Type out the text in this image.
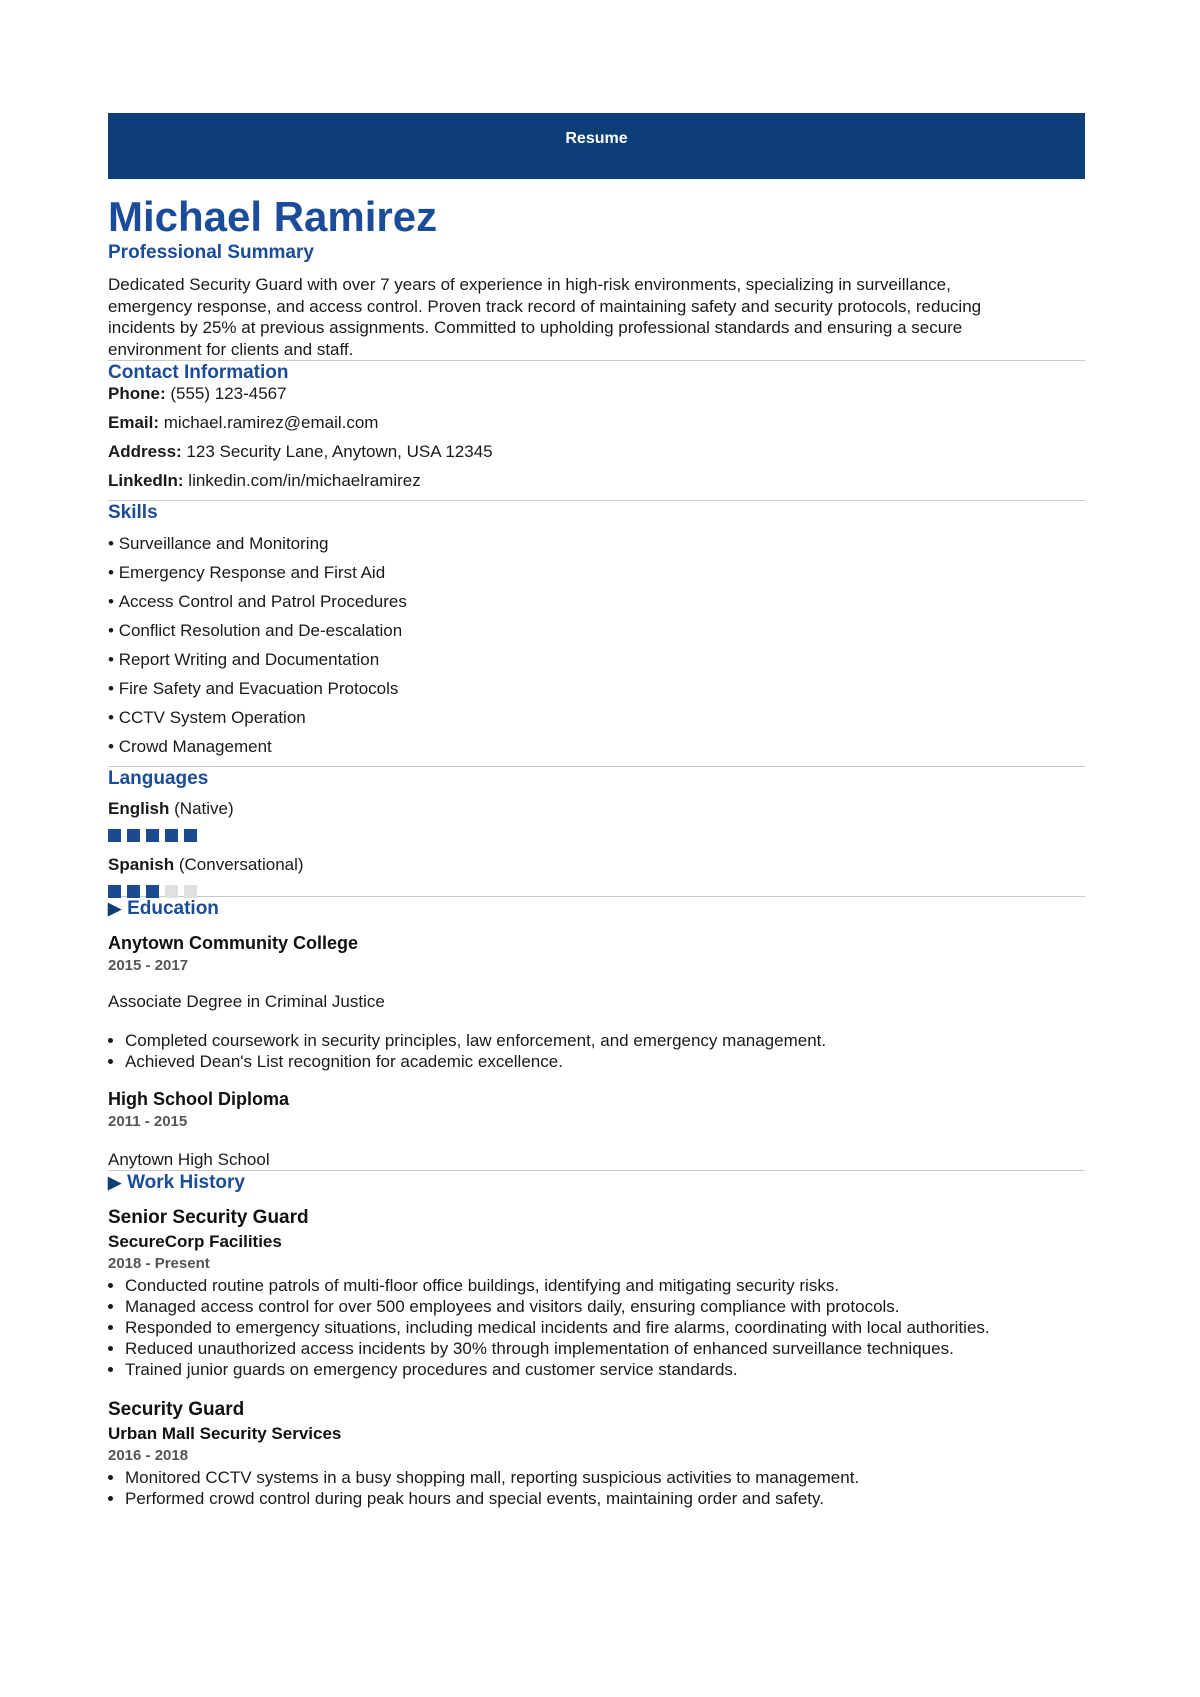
Resume
Michael Ramirez
Professional Summary

Dedicated Security Guard with over 7 years of experience in high-risk environments, specializing in surveillance, emergency response, and access control. Proven track record of maintaining safety and security protocols, reducing incidents by 25% at previous assignments. Committed to upholding professional standards and ensuring a secure environment for clients and staff.

Contact Information

Phone: (555) 123-4567

Email: michael.ramirez@email.com

Address: 123 Security Lane, Anytown, USA 12345

LinkedIn: linkedin.com/in/michaelramirez

Skills
• Surveillance and Monitoring
• Emergency Response and First Aid
• Access Control and Patrol Procedures
• Conflict Resolution and De-escalation
• Report Writing and Documentation
• Fire Safety and Evacuation Protocols
• CCTV System Operation
• Crowd Management
Languages

English (Native)

Spanish (Conversational)

▶ Education
Anytown Community College

2015 - 2017

Associate Degree in Criminal Justice

• Completed coursework in security principles, law enforcement, and emergency management.
• Achieved Dean's List recognition for academic excellence.
High School Diploma

2011 - 2015

Anytown High School

▶ Work History
Senior Security Guard
SecureCorp Facilities

2018 - Present

• Conducted routine patrols of multi-floor office buildings, identifying and mitigating security risks.
• Managed access control for over 500 employees and visitors daily, ensuring compliance with protocols.
• Responded to emergency situations, including medical incidents and fire alarms, coordinating with local authorities.
• Reduced unauthorized access incidents by 30% through implementation of enhanced surveillance techniques.
• Trained junior guards on emergency procedures and customer service standards.
Security Guard
Urban Mall Security Services

2016 - 2018

• Monitored CCTV systems in a busy shopping mall, reporting suspicious activities to management.
• Performed crowd control during peak hours and special events, maintaining order and safety.
